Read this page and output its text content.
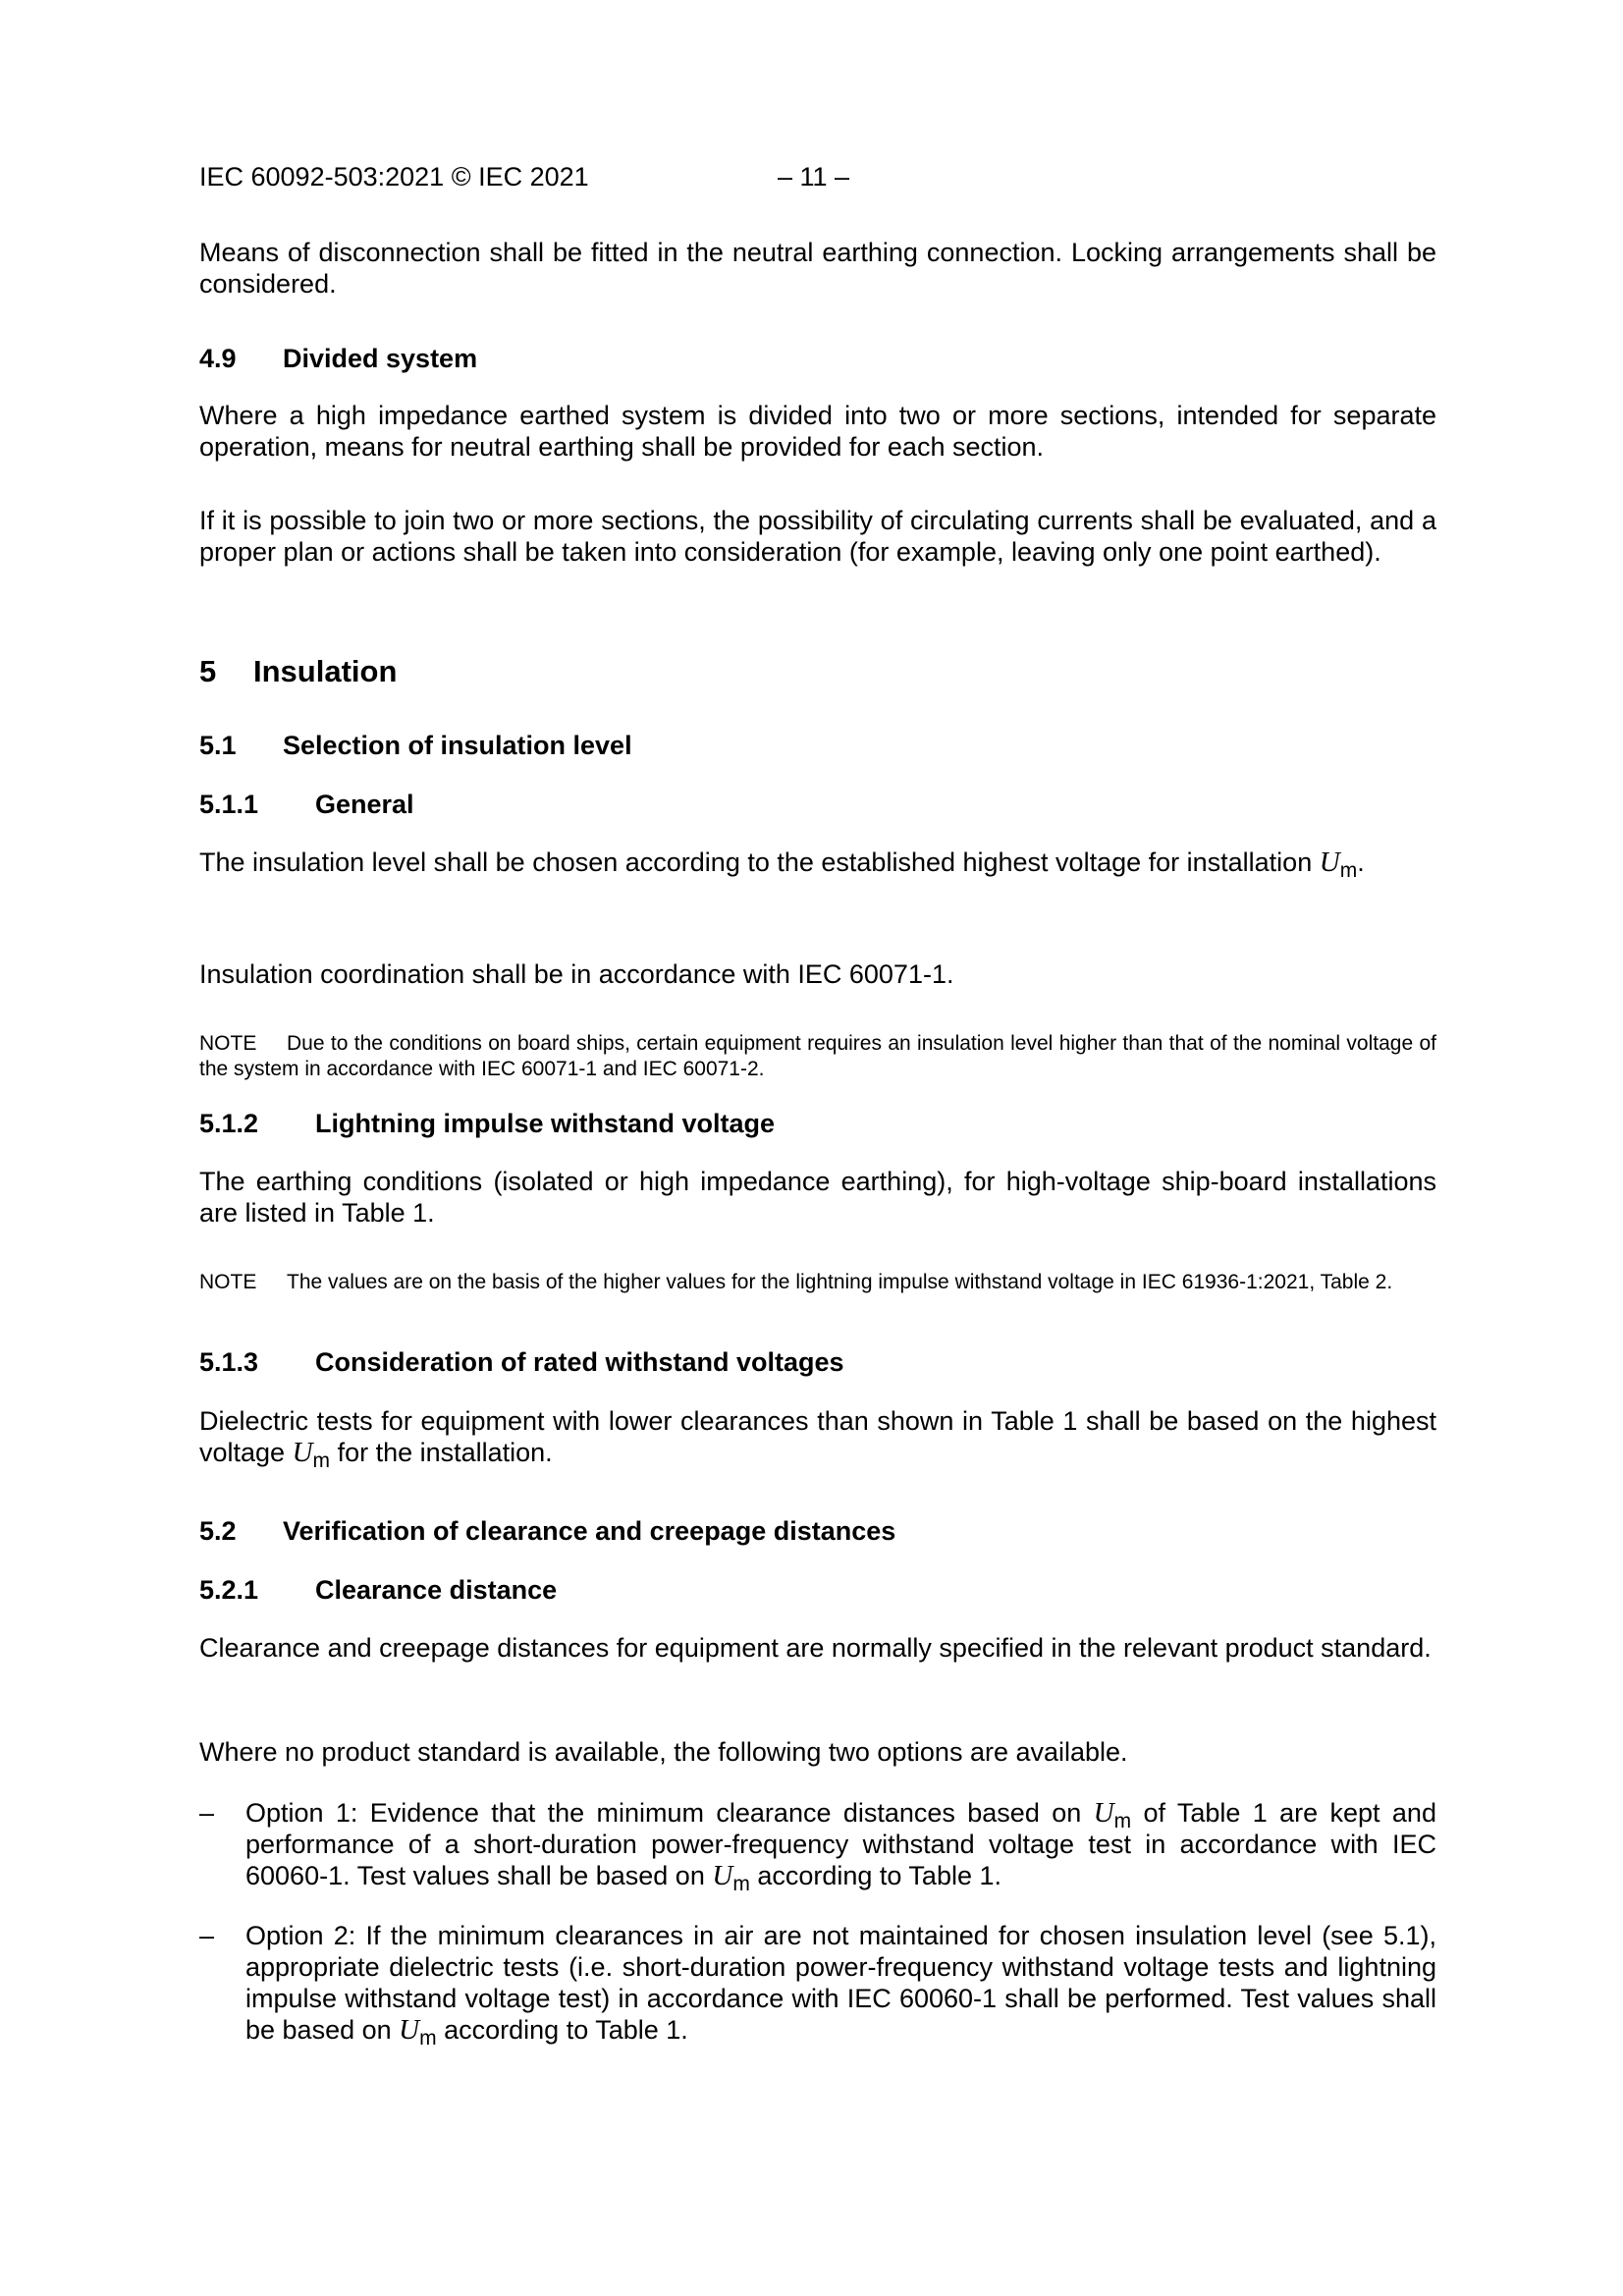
IEC 60092-503:2021 © IEC 2021	– 11 –

Means of disconnection shall be fitted in the neutral earthing connection. Locking arrangements shall be considered.

4.9 Divided system

Where a high impedance earthed system is divided into two or more sections, intended for separate operation, means for neutral earthing shall be provided for each section.

If it is possible to join two or more sections, the possibility of circulating currents shall be evaluated, and a proper plan or actions shall be taken into consideration (for example, leaving only one point earthed).

5 Insulation
5.1 Selection of insulation level
5.1.1 General

The insulation level shall be chosen according to the established highest voltage for installation $U_m$.

Insulation coordination shall be in accordance with IEC 60071-1.

NOTE Due to the conditions on board ships, certain equipment requires an insulation level higher than that of the nominal voltage of the system in accordance with IEC 60071-1 and IEC 60071-2.

5.1.2 Lightning impulse withstand voltage

The earthing conditions (isolated or high impedance earthing), for high-voltage ship-board installations are listed in Table 1.

NOTE The values are on the basis of the higher values for the lightning impulse withstand voltage in IEC 61936-1:2021, Table 2.

5.1.3 Consideration of rated withstand voltages

Dielectric tests for equipment with lower clearances than shown in Table 1 shall be based on the highest voltage $U_m$ for the installation.

5.2 Verification of clearance and creepage distances
5.2.1 Clearance distance

Clearance and creepage distances for equipment are normally specified in the relevant product standard.

Where no product standard is available, the following two options are available.

– Option 1: Evidence that the minimum clearance distances based on $U_m$ of Table 1 are kept and performance of a short-duration power-frequency withstand voltage test in accordance with IEC 60060-1. Test values shall be based on $U_m$ according to Table 1.

– Option 2: If the minimum clearances in air are not maintained for chosen insulation level (see 5.1), appropriate dielectric tests (i.e. short-duration power-frequency withstand voltage tests and lightning impulse withstand voltage test) in accordance with IEC 60060-1 shall be performed. Test values shall be based on $U_m$ according to Table 1.
